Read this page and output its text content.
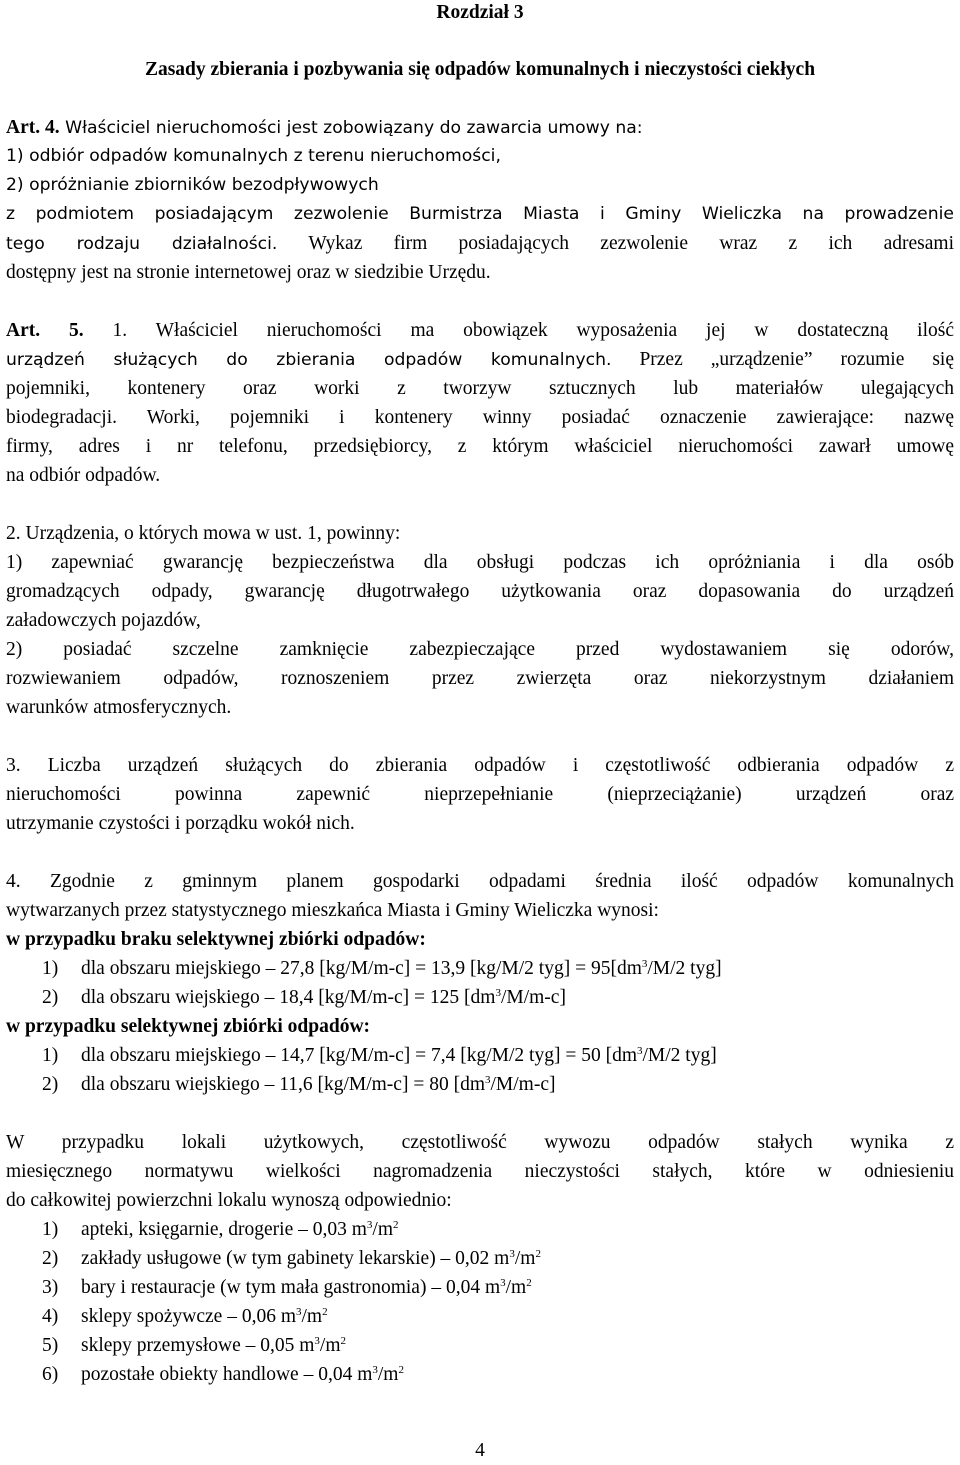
Rozdział 3
Zasady zbierania i pozbywania się odpadów komunalnych i nieczystości ciekłych
Art. 4. Właściciel nieruchomości jest zobowiązany do zawarcia umowy na:
1) odbiór odpadów komunalnych z terenu nieruchomości,
2) opróżnianie zbiorników bezodpływowych
z podmiotem posiadającym zezwolenie Burmistrza Miasta i Gminy Wieliczka na prowadzenie
tego rodzaju działalności. Wykaz firm posiadających zezwolenie wraz z ich adresami
dostępny jest na stronie internetowej oraz w siedzibie Urzędu.
Art. 5. 1. Właściciel nieruchomości ma obowiązek wyposażenia jej w dostateczną ilość
urządzeń służących do zbierania odpadów komunalnych. Przez „urządzenie” rozumie się
pojemniki, kontenery oraz worki z tworzyw sztucznych lub materiałów ulegających
biodegradacji. Worki, pojemniki i kontenery winny posiadać oznaczenie zawierające: nazwę
firmy, adres i nr telefonu, przedsiębiorcy, z którym właściciel nieruchomości zawarł umowę
na odbiór odpadów.
2. Urządzenia, o których mowa w ust. 1, powinny:
1) zapewniać gwarancję bezpieczeństwa dla obsługi podczas ich opróżniania i dla osób
gromadzących odpady, gwarancję długotrwałego użytkowania oraz dopasowania do urządzeń
załadowczych pojazdów,
2) posiadać szczelne zamknięcie zabezpieczające przed wydostawaniem się odorów,
rozwiewaniem odpadów, roznoszeniem przez zwierzęta oraz niekorzystnym działaniem
warunków atmosferycznych.
3. Liczba urządzeń służących do zbierania odpadów i częstotliwość odbierania odpadów z
nieruchomości powinna zapewnić nieprzepełnianie (nieprzeciążanie) urządzeń oraz
utrzymanie czystości i porządku wokół nich.
4. Zgodnie z gminnym planem gospodarki odpadami średnia ilość odpadów komunalnych
wytwarzanych przez statystycznego mieszkańca Miasta i Gminy Wieliczka wynosi:
w przypadku braku selektywnej zbiórki odpadów:
1) dla obszaru miejskiego – 27,8 [kg/M/m-c] = 13,9 [kg/M/2 $tyg] = 95[dm^3/M/2$ tyg]
2) dla obszaru wiejskiego – 18,4 [kg/M/m-c] = 125 $[dm^3/M/m-c]$
w przypadku selektywnej zbiórki odpadów:
1) dla obszaru miejskiego – 14,7 [kg/M/m-c] = 7,4 [kg/M/2 tyg] = 50 [$dm^3/M/2$ tyg]
2) dla obszaru wiejskiego – 11,6 [kg/M/m-c] = 80 $[dm^3/M/m-c]$
W przypadku lokali użytkowych, częstotliwość wywozu odpadów stałych wynika z
miesięcznego normatywu wielkości nagromadzenia nieczystości stałych, które w odniesieniu
do całkowitej powierzchni lokalu wynoszą odpowiednio:
1) apteki, księgarnie, drogerie – 0,03 $m^3/m^2$
2) zakłady usługowe (w tym gabinety lekarskie) – 0,02 $m^3/m^2$
3) bary i restauracje (w tym mała gastronomia) – 0,04 $m^3/m^2$
4) sklepy spożywcze – 0,06 $m^3/m^2$
5) sklepy przemysłowe – 0,05 $m^3/m^2$
6) pozostałe obiekty handlowe – 0,04 $m^3/m^2$
4
